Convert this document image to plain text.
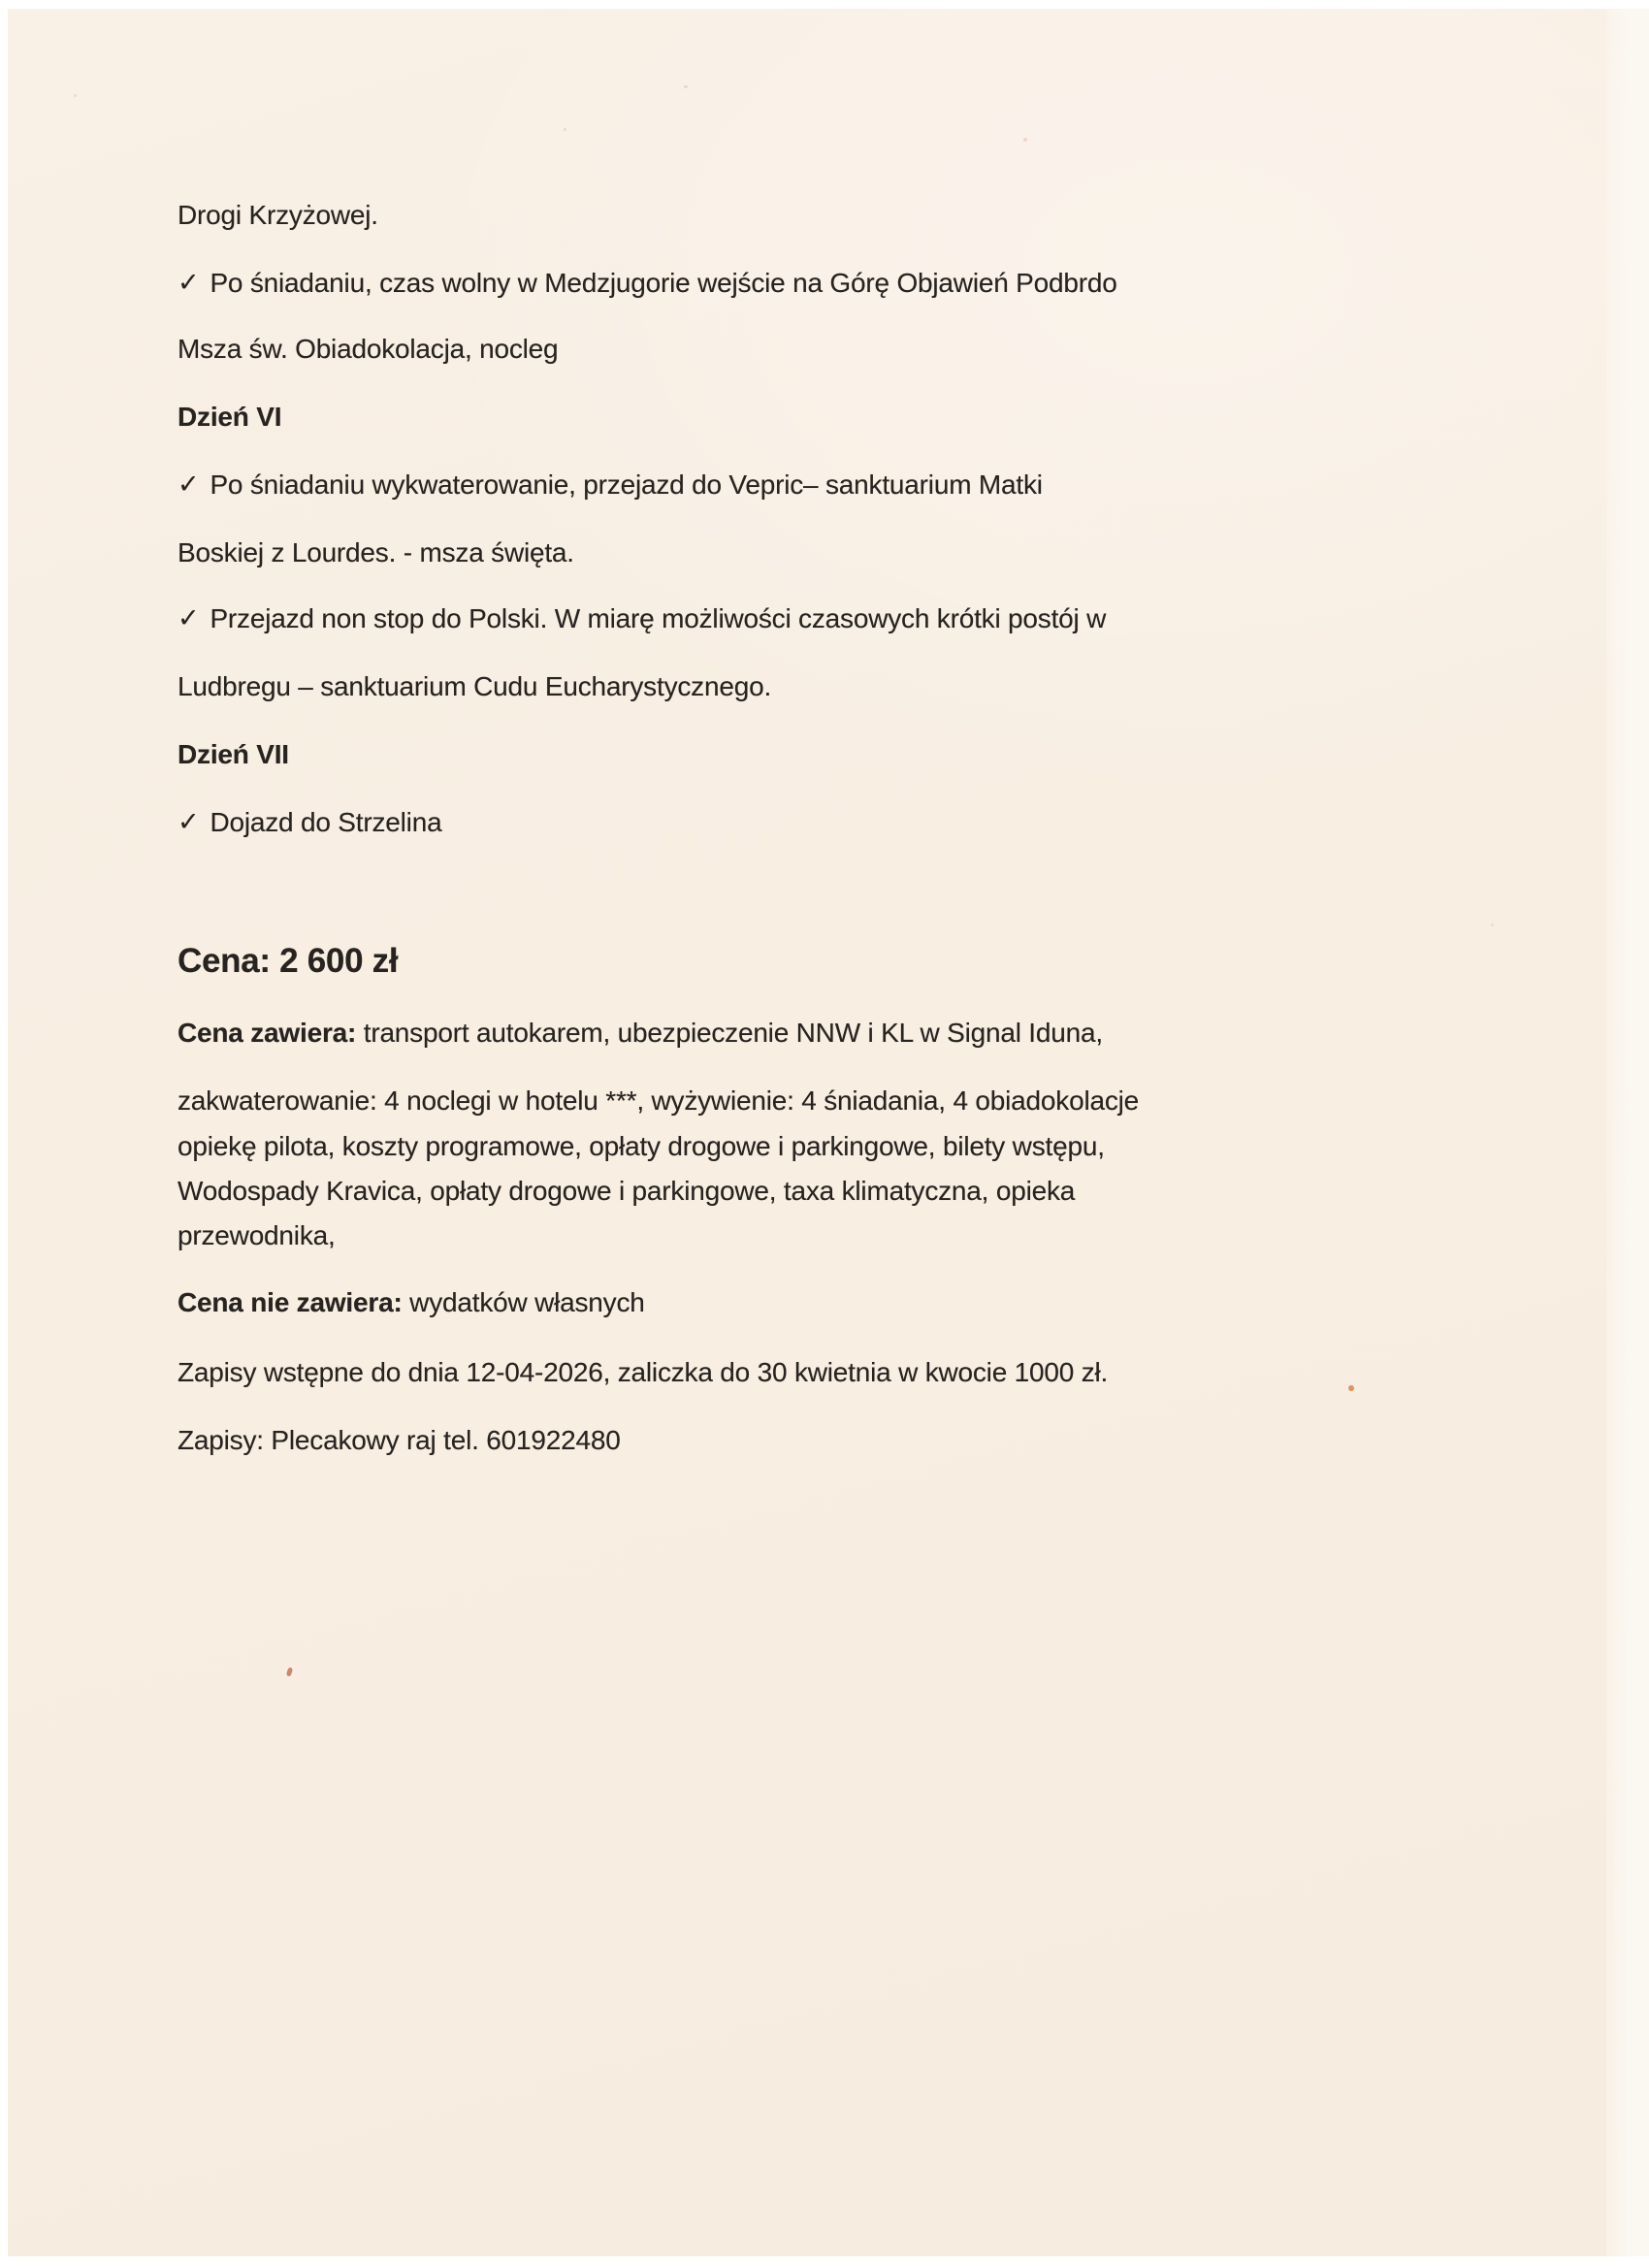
Drogi Krzyżowej.

✓ Po śniadaniu, czas wolny w Medzjugorie wejście na Górę Objawień Podbrdo

Msza św. Obiadokolacja, nocleg

Dzień VI

✓ Po śniadaniu wykwaterowanie, przejazd do Vepric– sanktuarium Matki

Boskiej z Lourdes. - msza święta.

✓ Przejazd non stop do Polski. W miarę możliwości czasowych krótki postój w

Ludbregu – sanktuarium Cudu Eucharystycznego.

Dzień VII

✓ Dojazd do Strzelina

Cena: 2 600 zł

Cena zawiera: transport autokarem, ubezpieczenie NNW i KL w Signal Iduna,

zakwaterowanie: 4 noclegi w hotelu ***, wyżywienie: 4 śniadania, 4 obiadokolacje

opiekę pilota, koszty programowe, opłaty drogowe i parkingowe, bilety wstępu,

Wodospady Kravica, opłaty drogowe i parkingowe, taxa klimatyczna, opieka

przewodnika,

Cena nie zawiera: wydatków własnych

Zapisy wstępne do dnia 12-04-2026, zaliczka do 30 kwietnia w kwocie 1000 zł.

Zapisy: Plecakowy raj tel. 601922480
